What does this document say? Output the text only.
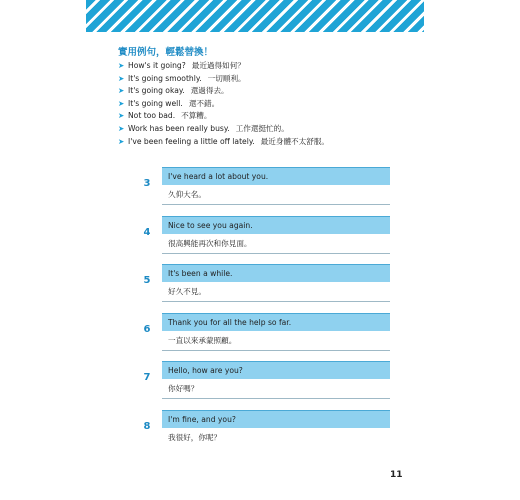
實用例句，輕鬆替換！
➤ How's it going? 最近過得如何？
➤ It's going smoothly. 一切順利。
➤ It's going okay. 還過得去。
➤ It's going well. 還不錯。
➤ Not too bad. 不算糟。
➤ Work has been really busy. 工作還挺忙的。
➤ I've been feeling a little off lately. 最近身體不太舒服。
3
I've heard a lot about you.
久仰大名。
4
Nice to see you again.
很高興能再次和你見面。
5
It's been a while.
好久不見。
6
Thank you for all the help so far.
一直以來承蒙照顧。
7
Hello, how are you?
你好嗎？
8
I'm fine, and you?
我很好，你呢？
11
